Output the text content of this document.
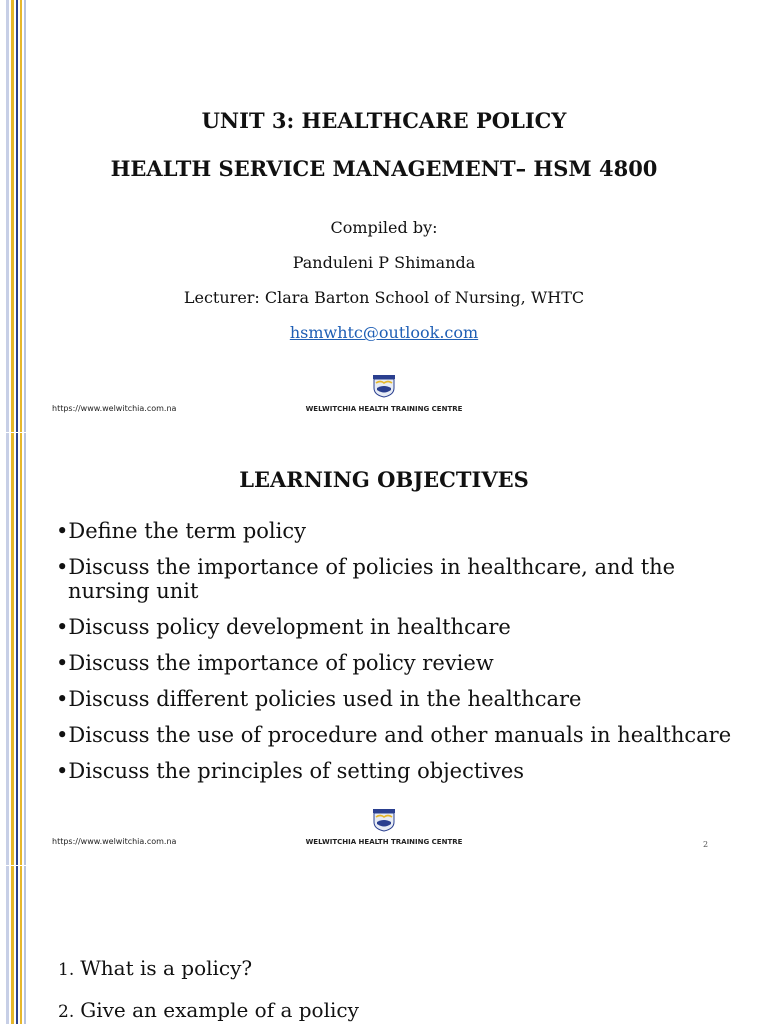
UNIT 3: HEALTHCARE POLICY
HEALTH SERVICE MANAGEMENT– HSM 4800
Compiled by:
Panduleni P Shimanda
Lecturer: Clara Barton School of Nursing, WHTC
hsmwhtc@outlook.com
https://www.welwitchia.com.na	WELWITCHIA HEALTH TRAINING CENTRE
LEARNING OBJECTIVES
•Define the term policy
•Discuss the importance of policies in healthcare, and the nursing unit
•Discuss policy development in healthcare
•Discuss the importance of policy review
•Discuss different policies used in the healthcare
•Discuss the use of procedure and other manuals in healthcare
•Discuss the principles of setting objectives
https://www.welwitchia.com.na	WELWITCHIA HEALTH TRAINING CENTRE	2
1. What is a policy?
2. Give an example of a policy
